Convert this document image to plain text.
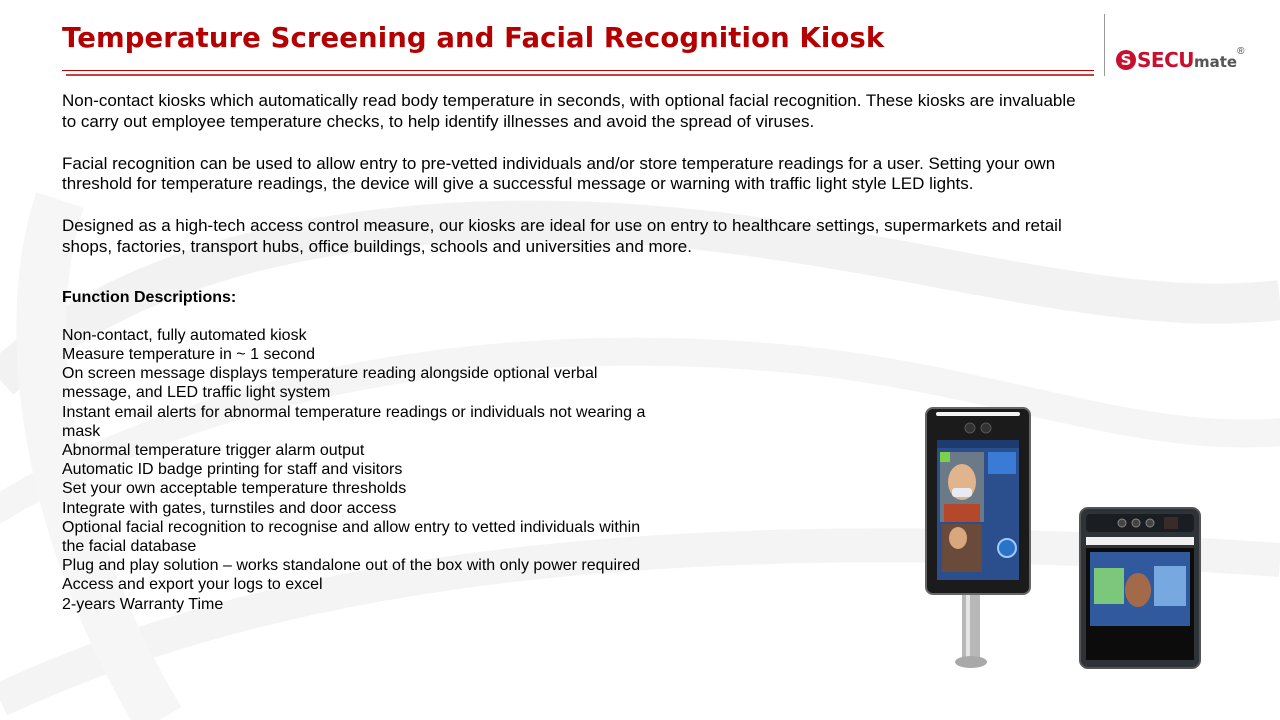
Temperature Screening and Facial Recognition Kiosk
S SECU mate
®

Non-contact kiosks which automatically read body temperature in seconds, with optional facial recognition. These kiosks are invaluable to carry out employee temperature checks, to help identify illnesses and avoid the spread of viruses.

Facial recognition can be used to allow entry to pre-vetted individuals and/or store temperature readings for a user. Setting your own threshold for temperature readings, the device will give a successful message or warning with traffic light style LED lights.

Designed as a high-tech access control measure, our kiosks are ideal for use on entry to healthcare settings, supermarkets and retail shops, factories, transport hubs, office buildings, schools and universities and more.

Function Descriptions:

Non-contact, fully automated kiosk
Measure temperature in ~ 1 second
On screen message displays temperature reading alongside optional verbal message, and LED traffic light system
Instant email alerts for abnormal temperature readings or individuals not wearing a mask
Abnormal temperature trigger alarm output
Automatic ID badge printing for staff and visitors
Set your own acceptable temperature thresholds
Integrate with gates, turnstiles and door access
Optional facial recognition to recognise and allow entry to vetted individuals within the facial database
Plug and play solution – works standalone out of the box with only power required
Access and export your logs to excel
2-years Warranty Time
